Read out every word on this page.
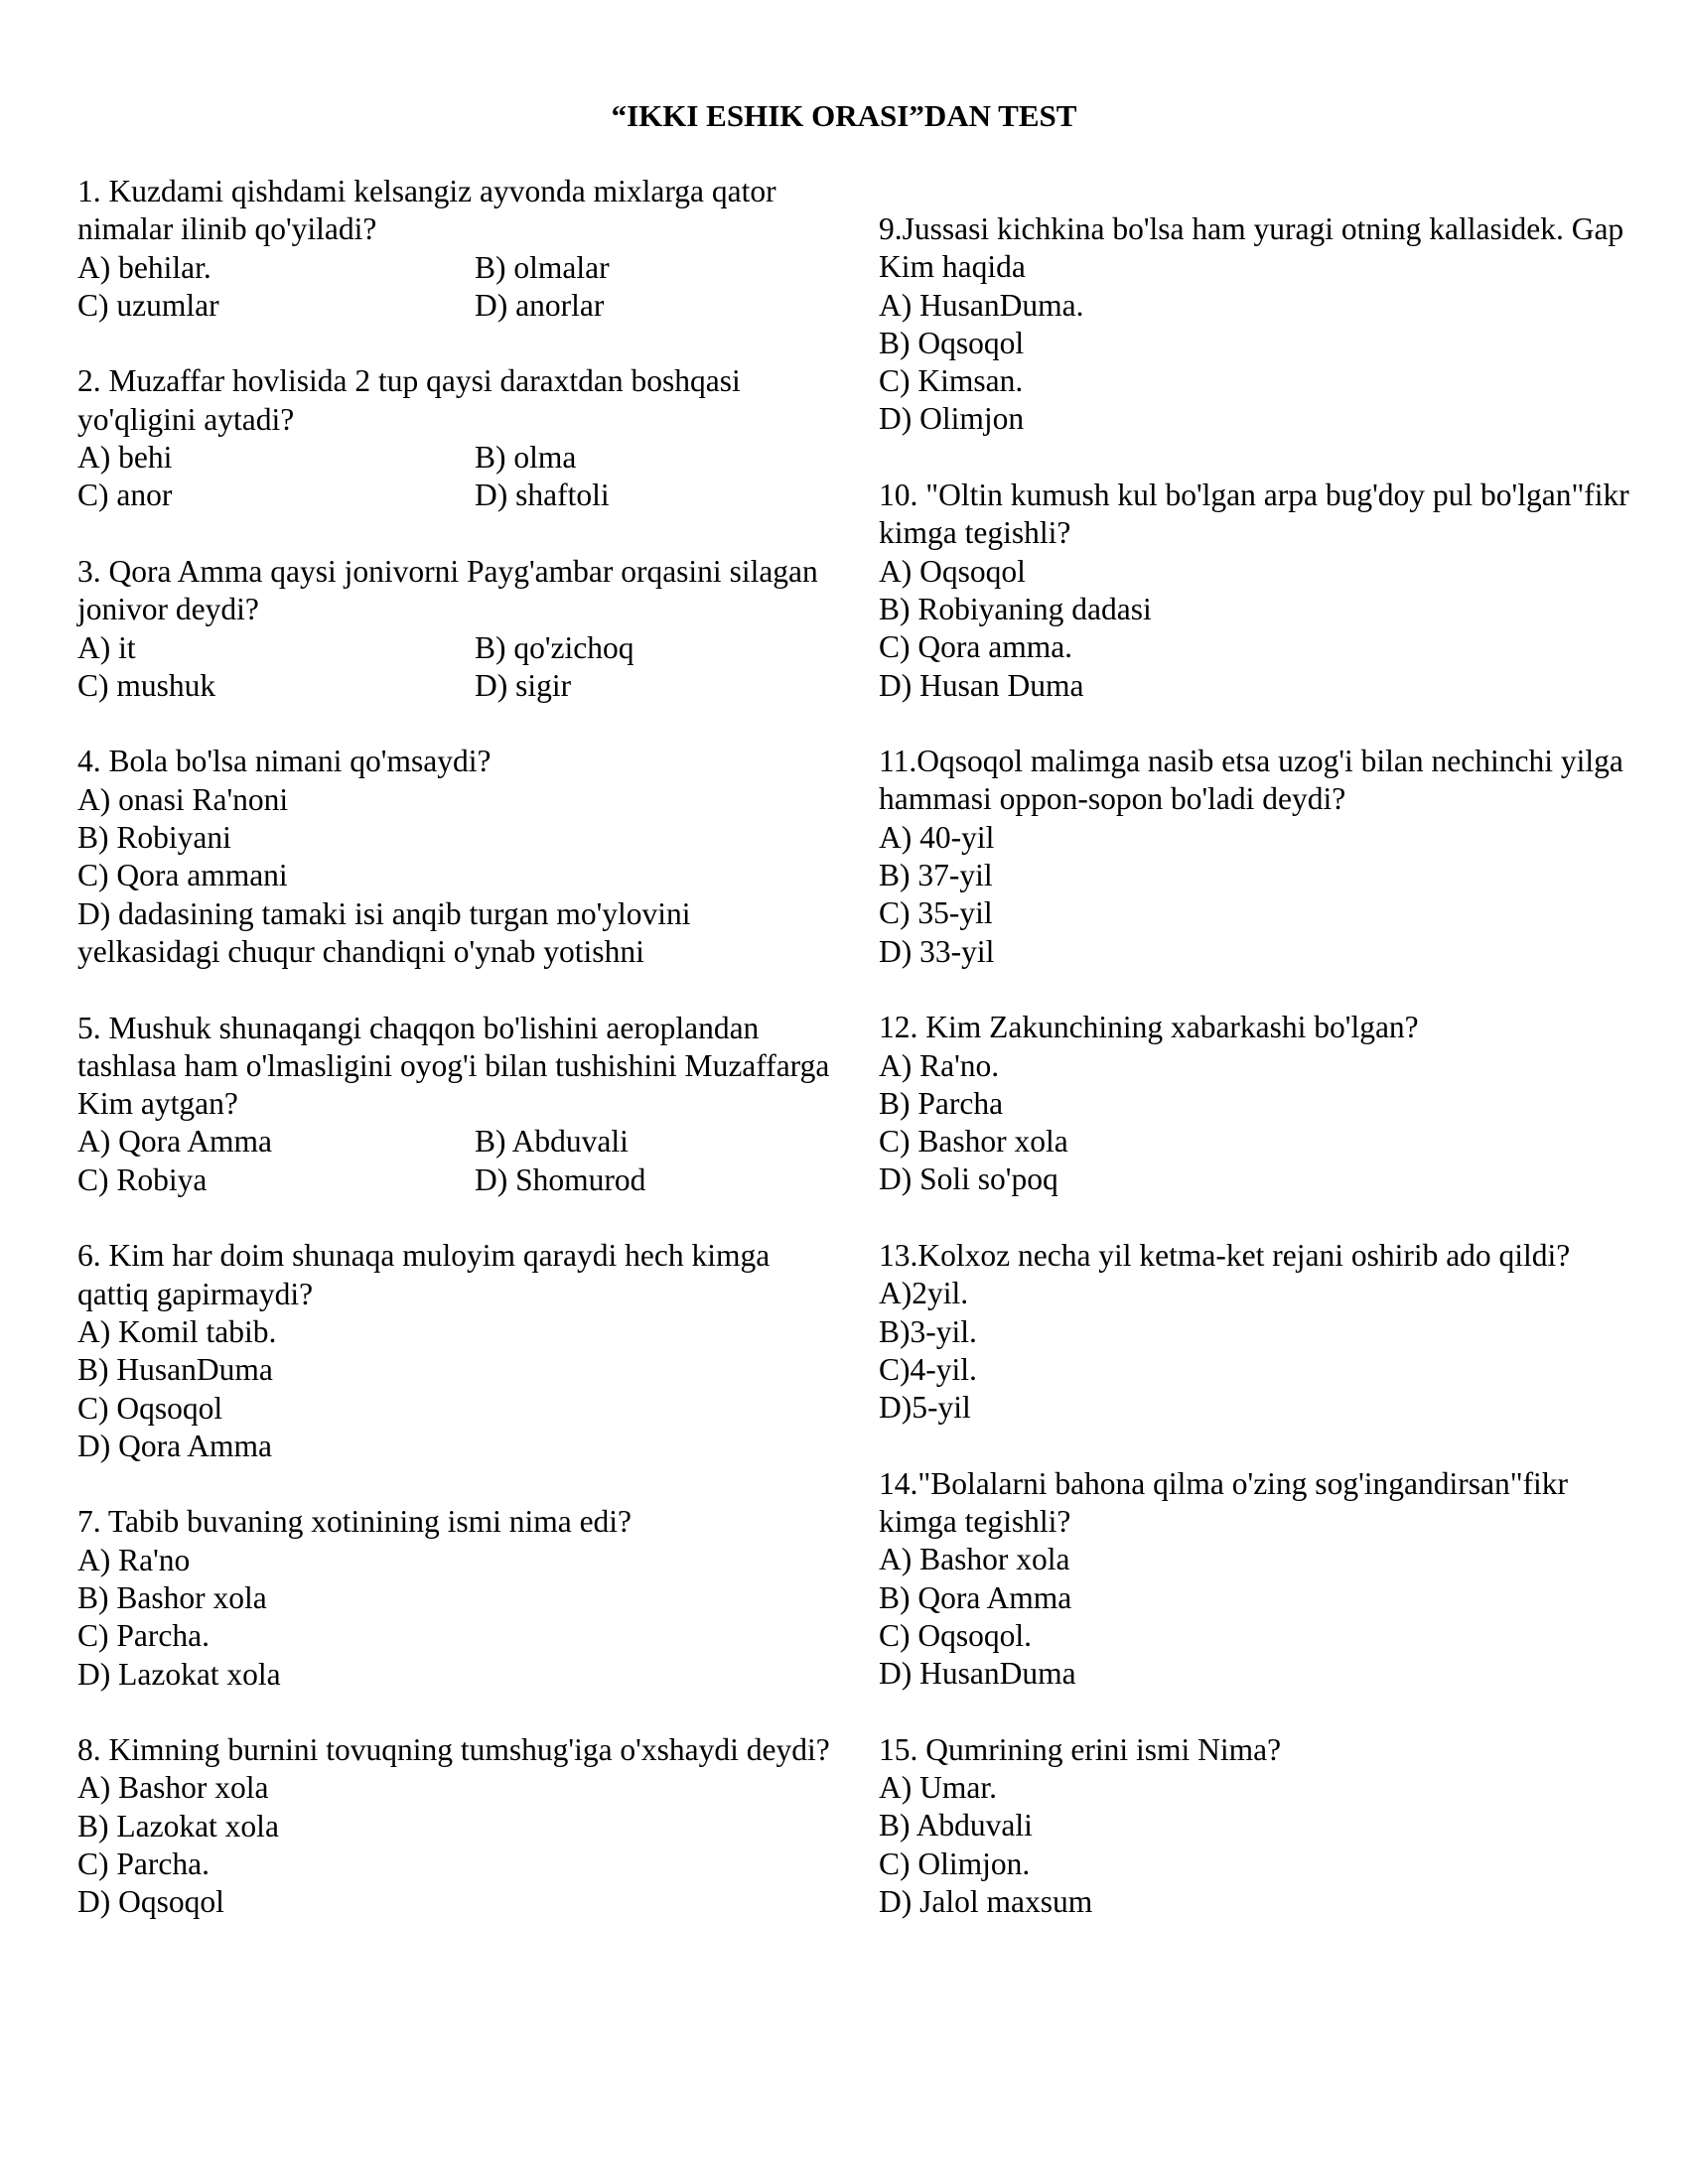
“IKKI ESHIK ORASI”DAN TEST
1. Kuzdami qishdami kelsangiz ayvonda mixlarga qator nimalar ilinib qo'yiladi?
A) behilar.	B) olmalar
C) uzumlar	D) anorlar
2. Muzaffar hovlisida 2 tup qaysi daraxtdan boshqasi yo'qligini aytadi?
A) behi	B) olma
C) anor	D) shaftoli
3. Qora Amma qaysi jonivorni Payg'ambar orqasini silagan jonivor deydi?
A) it	B) qo'zichoq
C) mushuk	D) sigir
4. Bola bo'lsa nimani qo'msaydi?
A) onasi Ra'noni
B) Robiyani
C) Qora ammani
D) dadasining tamaki isi anqib turgan mo'ylovini yelkasidagi chuqur chandiqni o'ynab yotishni
5. Mushuk shunaqangi chaqqon bo'lishini aeroplandan tashlasa ham o'lmasligini oyog'i bilan tushishini Muzaffarga Kim aytgan?
A) Qora Amma	B) Abduvali
C) Robiya	D) Shomurod
6. Kim har doim shunaqa muloyim qaraydi hech kimga qattiq gapirmaydi?
A) Komil tabib.
B) HusanDuma
C) Oqsoqol
D) Qora Amma
7. Tabib buvaning xotinining ismi nima edi?
A) Ra'no
B) Bashor xola
C) Parcha.
D) Lazokat xola
8. Kimning burnini tovuqning tumshug'iga o'xshaydi deydi?
A) Bashor xola
B) Lazokat xola
C) Parcha.
D) Oqsoqol
9.Jussasi kichkina bo'lsa ham yuragi otning kallasidek. Gap Kim haqida
A) HusanDuma.
B) Oqsoqol
C) Kimsan.
D) Olimjon
10. "Oltin kumush kul bo'lgan arpa bug'doy pul bo'lgan"fikr kimga tegishli?
A) Oqsoqol
B) Robiyaning dadasi
C) Qora amma.
D) Husan Duma
11.Oqsoqol malimga nasib etsa uzog'i bilan nechinchi yilga hammasi oppon-sopon bo'ladi deydi?
A) 40-yil
B) 37-yil
C) 35-yil
D) 33-yil
12. Kim Zakunchining xabarkashi bo'lgan?
A) Ra'no.
B) Parcha
C) Bashor xola
D) Soli so'poq
13.Kolxoz necha yil ketma-ket rejani oshirib ado qildi?
A)2yil.
B)3-yil.
C)4-yil.
D)5-yil
14."Bolalarni bahona qilma o'zing sog'ingandirsan"fikr kimga tegishli?
A) Bashor xola
B) Qora Amma
C) Oqsoqol.
D) HusanDuma
15. Qumrining erini ismi Nima?
A) Umar.
B) Abduvali
C) Olimjon.
D) Jalol maxsum
